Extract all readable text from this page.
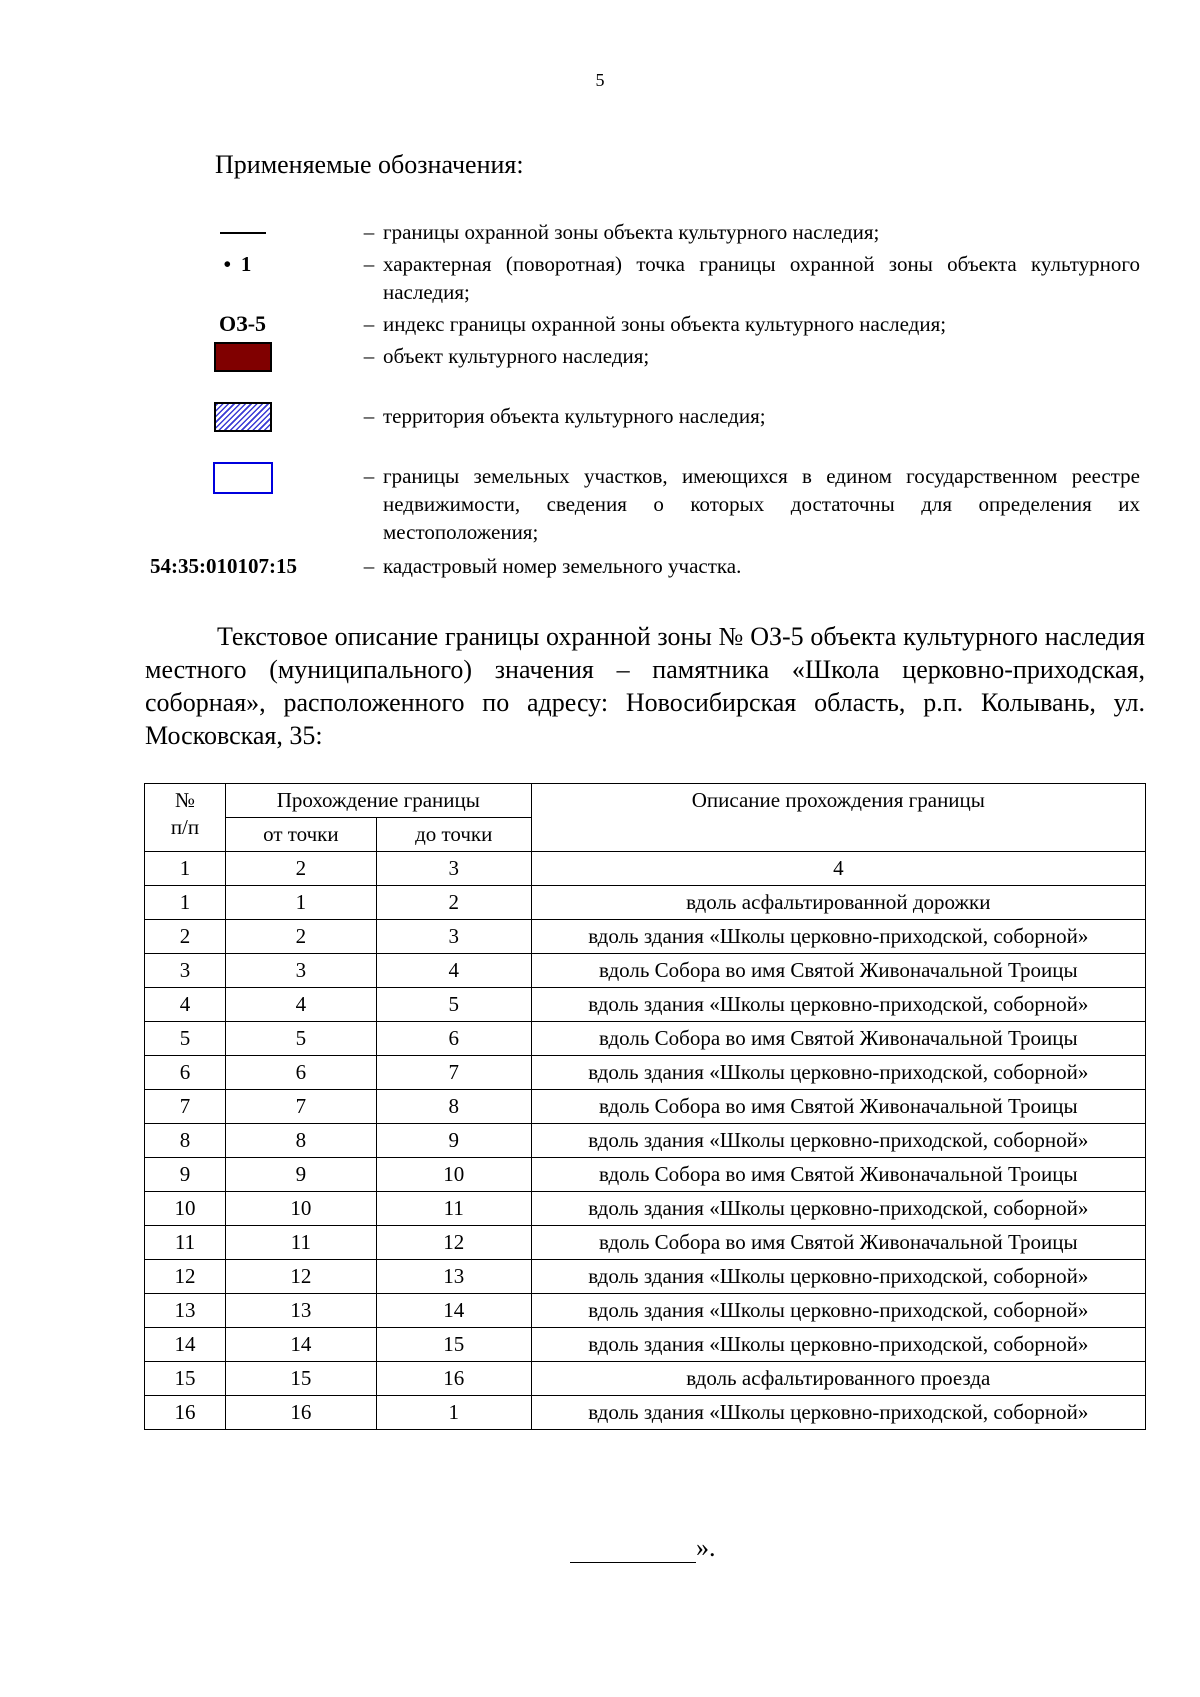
5
Применяемые обозначения:
– границы охранной зоны объекта культурного наследия;
• 1	– характерная (поворотная) точка границы охранной зоны объекта культурного наследия;
ОЗ-5	– индекс границы охранной зоны объекта культурного наследия;
– объект культурного наследия;
– территория объекта культурного наследия;
– границы земельных участков, имеющихся в едином государственном реестре недвижимости, сведения о которых достаточны для определения их местоположения;
54:35:010107:15	– кадастровый номер земельного участка.
Текстовое описание границы охранной зоны № ОЗ-5 объекта культурного наследия местного (муниципального) значения – памятника «Школа церковно-приходская, соборная», расположенного по адресу: Новосибирская область, р.п. Колывань, ул. Московская, 35:
№ п/п	Прохождение границы		Описание прохождения границы
	от точки	до точки	
1	2	3	4
1	1	2	вдоль асфальтированной дорожки
2	2	3	вдоль здания «Школы церковно-приходской, соборной»
3	3	4	вдоль Собора во имя Святой Живоначальной Троицы
4	4	5	вдоль здания «Школы церковно-приходской, соборной»
5	5	6	вдоль Собора во имя Святой Живоначальной Троицы
6	6	7	вдоль здания «Школы церковно-приходской, соборной»
7	7	8	вдоль Собора во имя Святой Живоначальной Троицы
8	8	9	вдоль здания «Школы церковно-приходской, соборной»
9	9	10	вдоль Собора во имя Святой Живоначальной Троицы
10	10	11	вдоль здания «Школы церковно-приходской, соборной»
11	11	12	вдоль Собора во имя Святой Живоначальной Троицы
12	12	13	вдоль здания «Школы церковно-приходской, соборной»
13	13	14	вдоль здания «Школы церковно-приходской, соборной»
14	14	15	вдоль здания «Школы церковно-приходской, соборной»
15	15	16	вдоль асфальтированного проезда
16	16	1	вдоль здания «Школы церковно-приходской, соборной»
».
